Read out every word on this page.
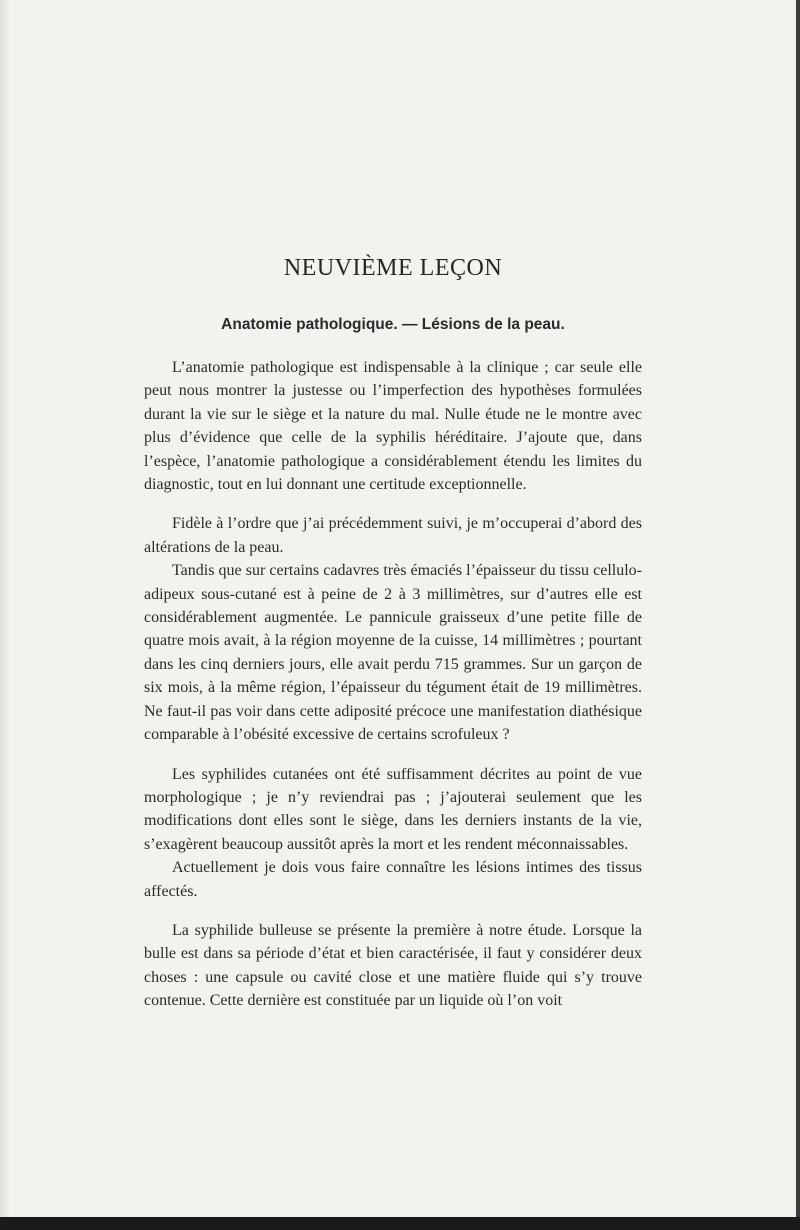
NEUVIÈME LEÇON
Anatomie pathologique. — Lésions de la peau.

L’anatomie pathologique est indispensable à la clinique ; car seule elle peut nous montrer la justesse ou l’imperfection des hypothèses formulées durant la vie sur le siège et la nature du mal. Nulle étude ne le montre avec plus d’évidence que celle de la syphilis héréditaire. J’ajoute que, dans l’espèce, l’anatomie pathologique a considérablement étendu les limites du diagnostic, tout en lui donnant une certitude exceptionnelle.

Fidèle à l’ordre que j’ai précédemment suivi, je m’occuperai d’abord des altérations de la peau.

Tandis que sur certains cadavres très émaciés l’épaisseur du tissu cellulo-adipeux sous-cutané est à peine de 2 à 3 millimètres, sur d’autres elle est considérablement augmentée. Le pannicule graisseux d’une petite fille de quatre mois avait, à la région moyenne de la cuisse, 14 millimètres ; pourtant dans les cinq derniers jours, elle avait perdu 715 grammes. Sur un garçon de six mois, à la même région, l’épaisseur du tégument était de 19 millimètres. Ne faut-il pas voir dans cette adiposité précoce une manifestation diathésique comparable à l’obésité excessive de certains scrofuleux ?

Les syphilides cutanées ont été suffisamment décrites au point de vue morphologique ; je n’y reviendrai pas ; j’ajouterai seulement que les modifications dont elles sont le siège, dans les derniers instants de la vie, s’exagèrent beaucoup aussitôt après la mort et les rendent méconnaissables.

Actuellement je dois vous faire connaître les lésions intimes des tissus affectés.

La syphilide bulleuse se présente la première à notre étude. Lorsque la bulle est dans sa période d’état et bien caractérisée, il faut y considérer deux choses : une capsule ou cavité close et une matière fluide qui s’y trouve contenue. Cette dernière est constituée par un liquide où l’on voit
